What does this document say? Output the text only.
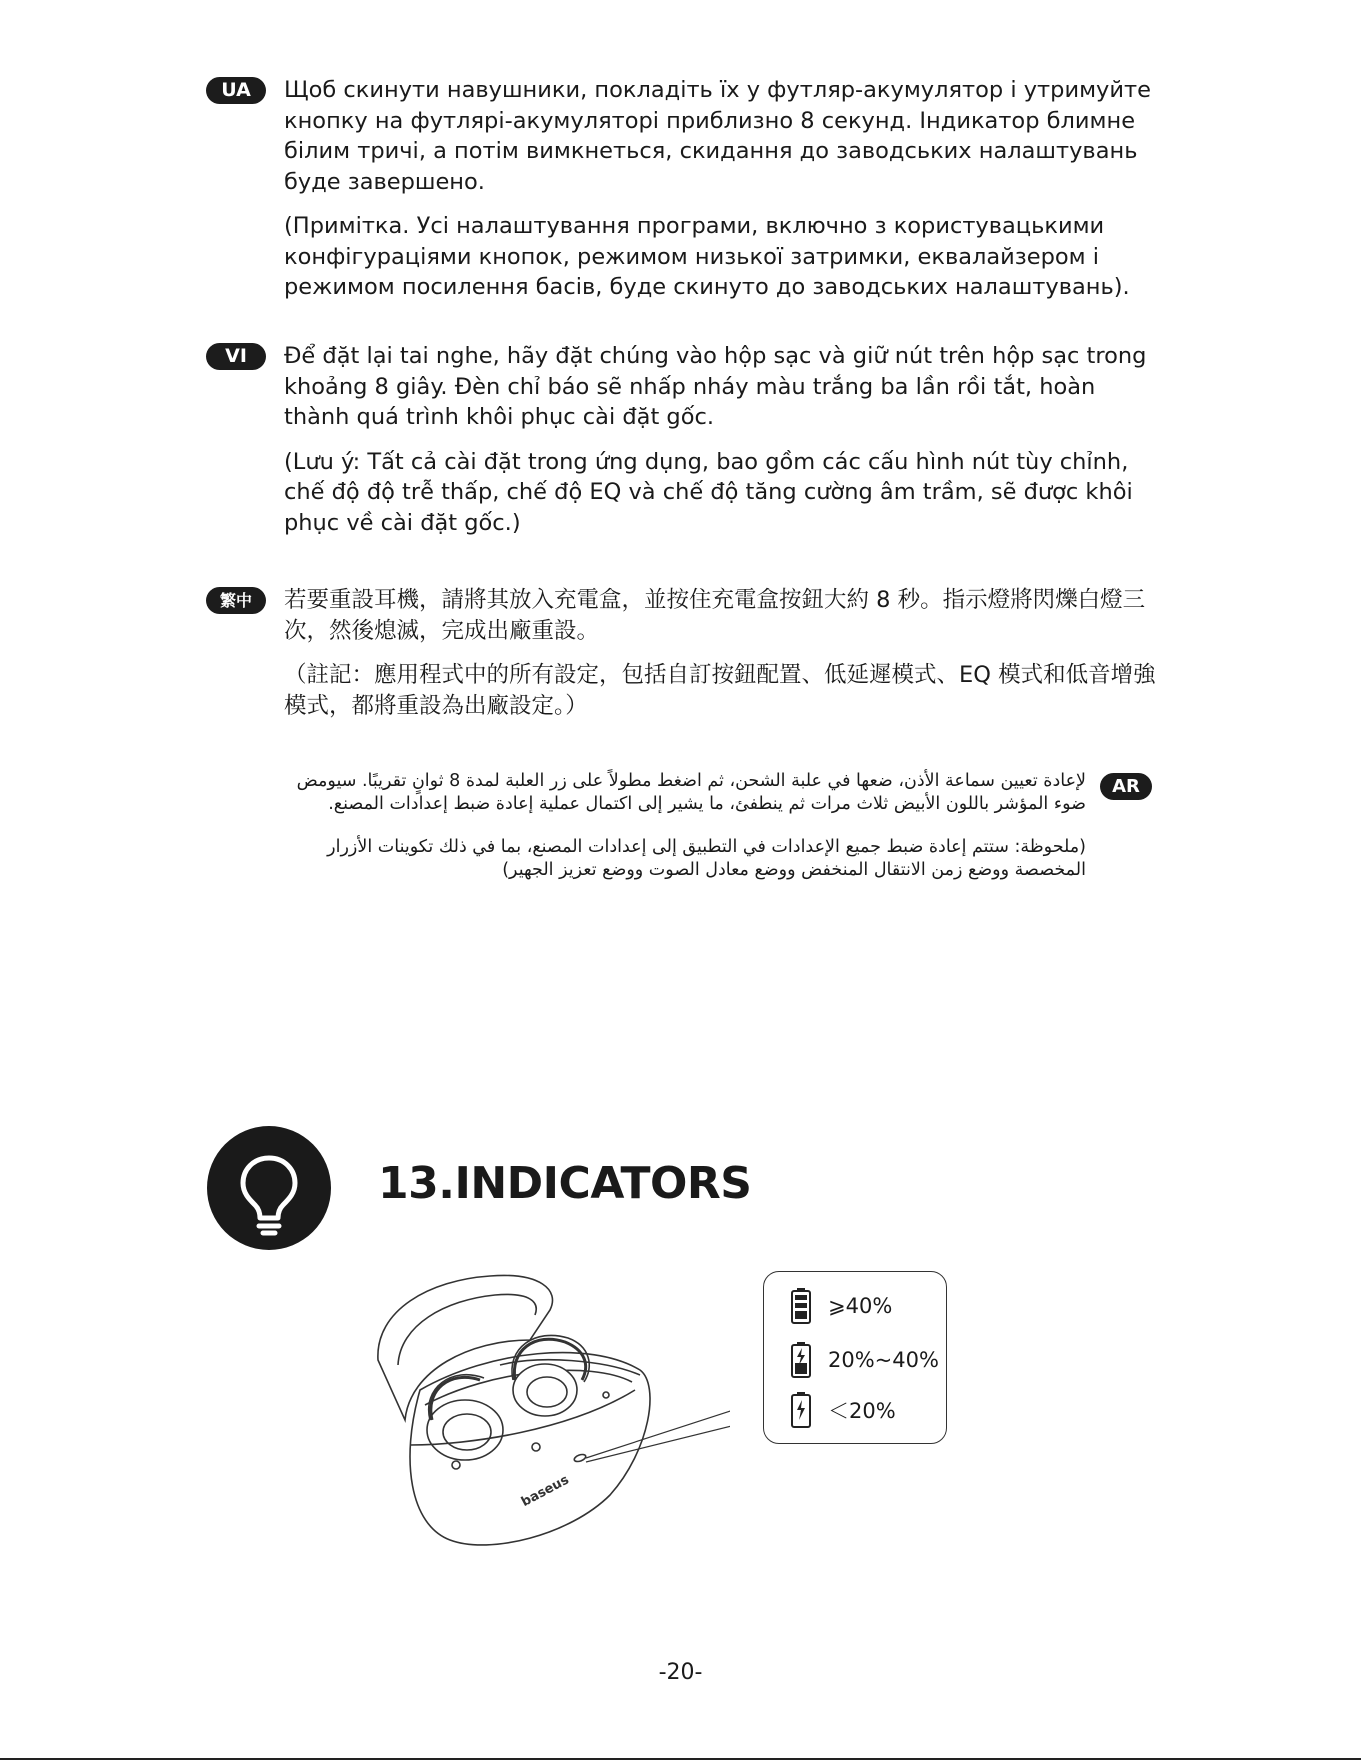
UA	Щоб скинути навушники, покладіть їх у футляр-акумулятор і утримуйте кнопку на футлярі-акумуляторі приблизно 8 секунд. Індикатор блимне білим тричі, а потім вимкнеться, скидання до заводських налаштувань буде завершено.

(Примітка. Усі налаштування програми, включно з користувацькими конфігураціями кнопок, режимом низької затримки, еквалайзером і режимом посилення басів, буде скинуто до заводських налаштувань).

VI	Để đặt lại tai nghe, hãy đặt chúng vào hộp sạc và giữ nút trên hộp sạc trong khoảng 8 giây. Đèn chỉ báo sẽ nhấp nháy màu trắng ba lần rồi tắt, hoàn thành quá trình khôi phục cài đặt gốc.

(Lưu ý: Tất cả cài đặt trong ứng dụng, bao gồm các cấu hình nút tùy chỉnh, chế độ độ trễ thấp, chế độ EQ và chế độ tăng cường âm trầm, sẽ được khôi phục về cài đặt gốc.)

繁中	若要重設耳機，請將其放入充電盒，並按住充電盒按鈕大約 8 秒。指示燈將閃爍白燈三次，然後熄滅，完成出廠重設。

（註記：應用程式中的所有設定，包括自訂按鈕配置、低延遲模式、EQ 模式和低音增強模式，都將重設為出廠設定。）

AR

لإعادة تعيين سماعة الأذن، ضعها في علبة الشحن، ثم اضغط مطولاً على زر العلبة لمدة 8 ثوانٍ تقريبًا. سيومض ضوء المؤشر باللون الأبيض ثلاث مرات ثم ينطفئ، ما يشير إلى اكتمال عملية إعادة ضبط إعدادات المصنع.

(ملحوظة: ستتم إعادة ضبط جميع الإعدادات في التطبيق إلى إعدادات المصنع، بما في ذلك تكوينات الأزرار المخصصة ووضع زمن الانتقال المنخفض ووضع معادل الصوت ووضع تعزيز الجهير)

13.INDICATORS
baseus
⩾40%
20%~40%
＜20%
-20-
